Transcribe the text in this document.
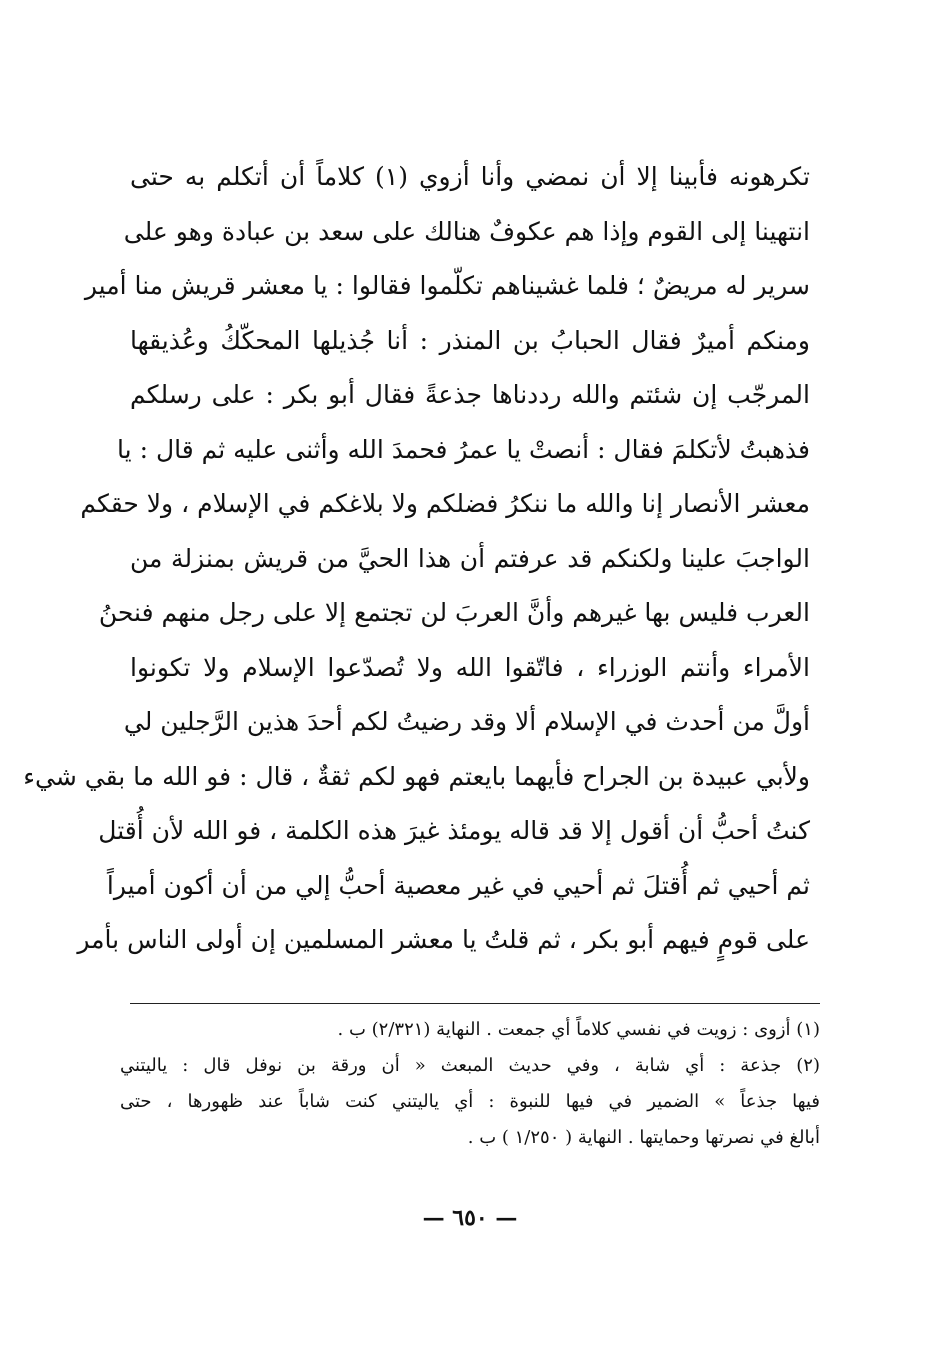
تكرهونه فأبينا إلا أن نمضي وأنا أزوي (١) كلاماً أن أتكلم به حتى
انتهينا إلى القوم وإذا هم عكوفٌ هنالك على سعد بن عبادة وهو على
سرير له مريضٌ ؛ فلما غشيناهم تكلّموا فقالوا : يا معشر قريش منا أمير
ومنكم أميرٌ فقال الحبابُ بن المنذر : أنا جُذيلها المحكّكُ وعُذيقها
المرجّب إن شئتم والله رددناها جذعةً فقال أبو بكر : على رسلكم
فذهبتُ لأتكلمَ فقال : أنصتْ يا عمرُ فحمدَ الله وأثنى عليه ثم قال : يا
معشر الأنصار إنا والله ما ننكرُ فضلكم ولا بلاغكم في الإسلام ، ولا حقكم
الواجبَ علينا ولكنكم قد عرفتم أن هذا الحيَّ من قريش بمنزلة من
العرب فليس بها غيرهم وأنَّ العربَ لن تجتمع إلا على رجل منهم فنحنُ
الأمراء وأنتم الوزراء ، فاتّقوا الله ولا تُصدّعوا الإسلام ولا تكونوا
أولَّ من أحدث في الإسلام ألا وقد رضيتُ لكم أحدَ هذين الرَّجلين لي
ولأبي عبيدة بن الجراح فأيهما بايعتم فهو لكم ثقةٌ ، قال : فو الله ما بقي شيء
كنتُ أحبُّ أن أقول إلا قد قاله يومئذ غيرَ هذه الكلمة ، فو الله لأن أُقتل
ثم أحيي ثم أُقتلَ ثم أحيي في غير معصية أحبُّ إلي من أن أكون أميراً
على قومٍ فيهم أبو بكر ، ثم قلتُ يا معشر المسلمين إن أولى الناس بأمر
(١) أزوى : زويت في نفسي كلاماً أي جمعت . النهاية (٢/٣٢١) ب .
(٢) جذعة : أي شابة ، وفي حديث المبعث « أن ورقة بن نوفل قال : ياليتني
فيها جذعاً » الضمير في فيها للنبوة : أي ياليتني كنت شاباً عند ظهورها ، حتى
أبالغ في نصرتها وحمايتها . النهاية ( ١/٢٥٠ ) ب .
— ٦٥٠ —
